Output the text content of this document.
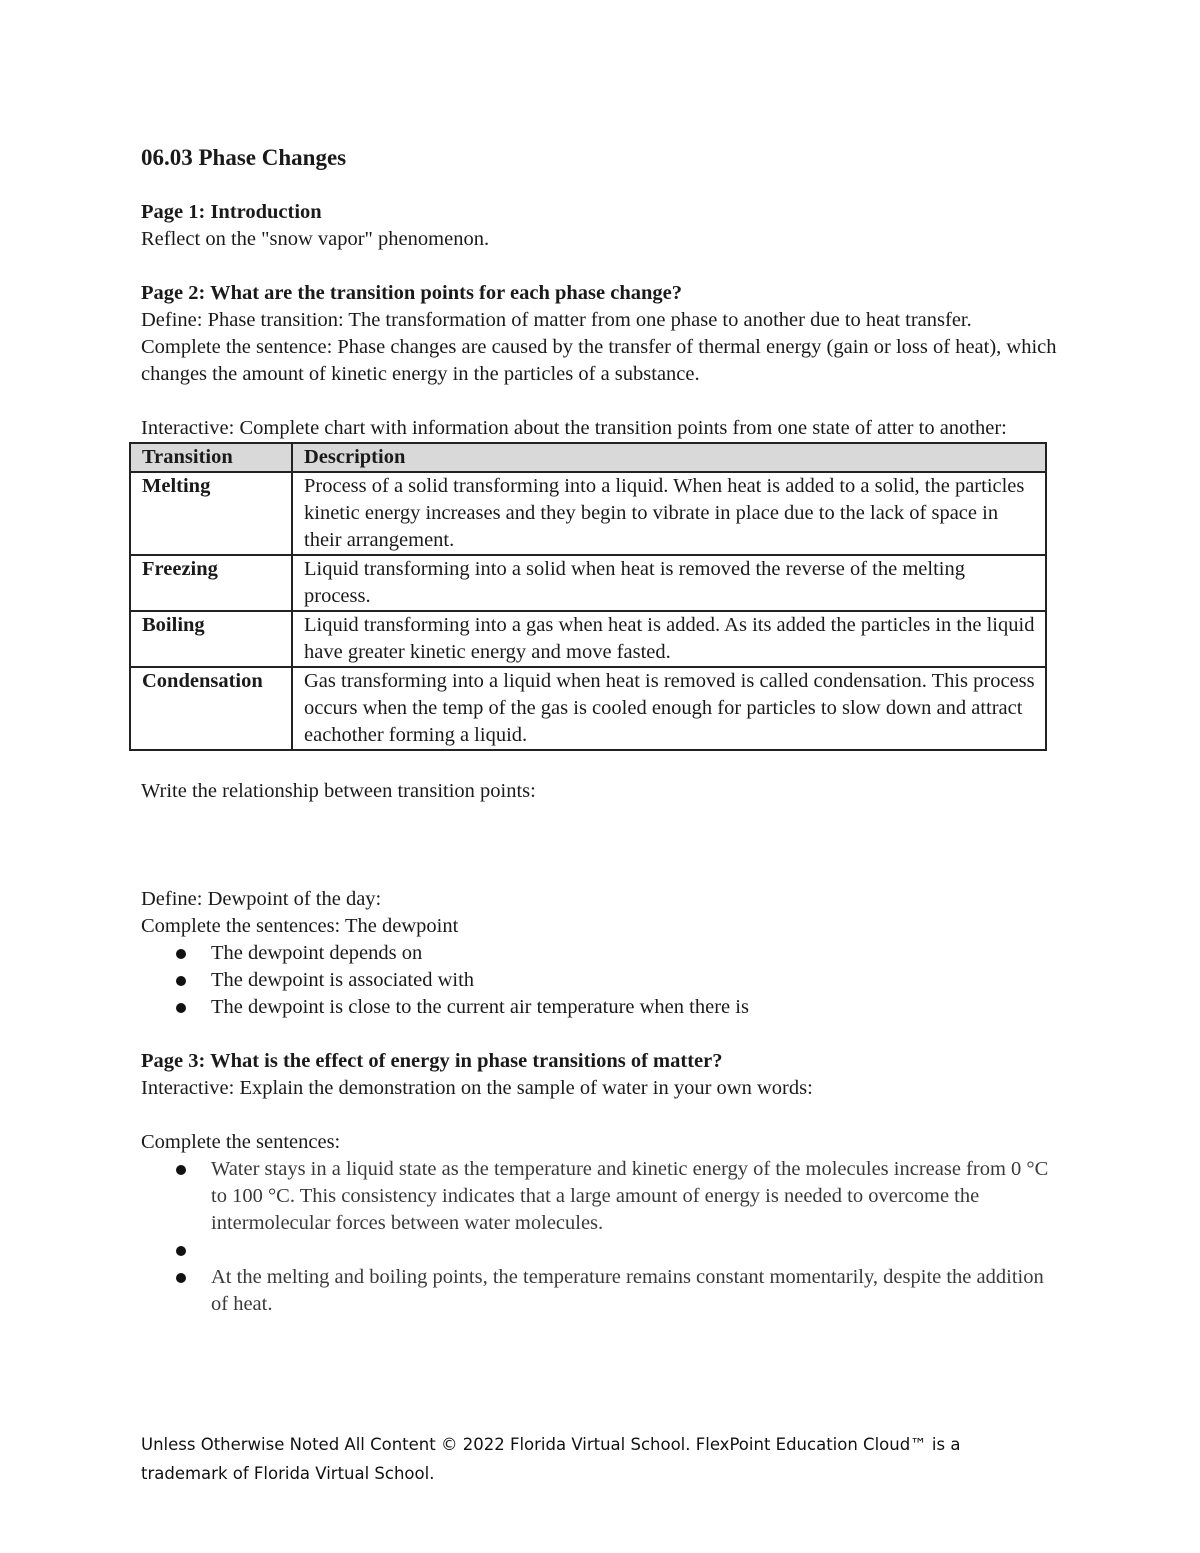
06.03 Phase Changes

Page 1: Introduction

Reflect on the "snow vapor" phenomenon.

Page 2: What are the transition points for each phase change?

Define: Phase transition: The transformation of matter from one phase to another due to heat transfer.

Complete the sentence: Phase changes are caused by the transfer of thermal energy (gain or loss of heat), which changes the amount of kinetic energy in the particles of a substance.

Interactive: Complete chart with information about the transition points from one state of atter to another:

Transition	Description
Melting	Process of a solid transforming into a liquid. When heat is added to a solid, the particles kinetic energy increases and they begin to vibrate in place due to the lack of space in their arrangement.
Freezing	Liquid transforming into a solid when heat is removed the reverse of the melting process.
Boiling	Liquid transforming into a gas when heat is added. As its added the particles in the liquid have greater kinetic energy and move fasted.
Condensation	Gas transforming into a liquid when heat is removed is called condensation. This process occurs when the temp of the gas is cooled enough for particles to slow down and attract eachother forming a liquid.

Write the relationship between transition points:

Define: Dewpoint of the day:

Complete the sentences: The dewpoint

The dewpoint depends on
The dewpoint is associated with
The dewpoint is close to the current air temperature when there is

Page 3: What is the effect of energy in phase transitions of matter?

Interactive: Explain the demonstration on the sample of water in your own words:

Complete the sentences:

Water stays in a liquid state as the temperature and kinetic energy of the molecules increase from 0 °C to 100 °C. This consistency indicates that a large amount of energy is needed to overcome the intermolecular forces between water molecules.
At the melting and boiling points, the temperature remains constant momentarily, despite the addition of heat.
Unless Otherwise Noted All Content © 2022 Florida Virtual School. FlexPoint Education Cloud™ is a trademark of Florida Virtual School.
